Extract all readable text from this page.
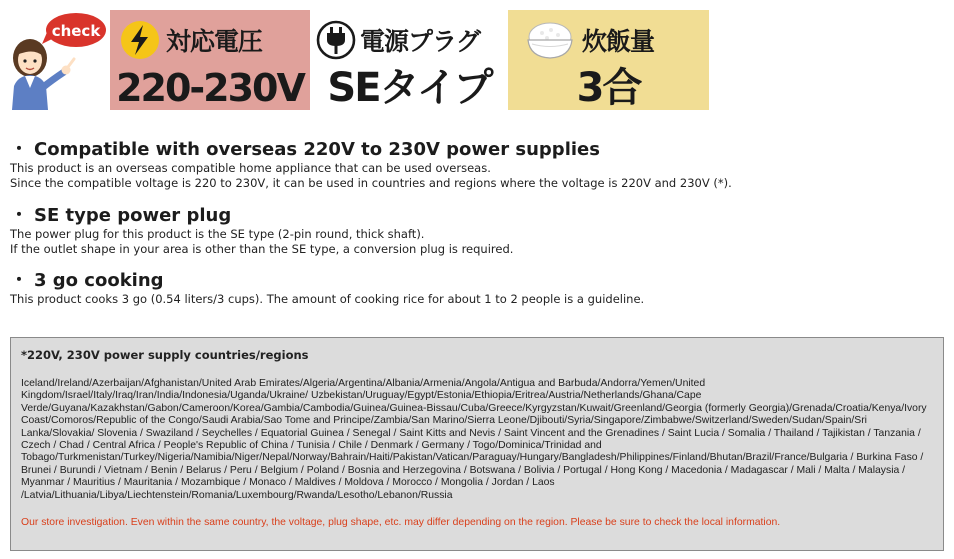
check	対応電圧
220-230V
電源プラグ
SEタイプ
炊飯量
3合
・ Compatible with overseas 220V to 230V power supplies
This product is an overseas compatible home appliance that can be used overseas.
Since the compatible voltage is 220 to 230V, it can be used in countries and regions where the voltage is 220V and 230V (*).
・ SE type power plug
The power plug for this product is the SE type (2-pin round, thick shaft).
If the outlet shape in your area is other than the SE type, a conversion plug is required.
・ 3 go cooking
This product cooks 3 go (0.54 liters/3 cups). The amount of cooking rice for about 1 to 2 people is a guideline.
*220V, 230V power supply countries/regions
Iceland/Ireland/Azerbaijan/Afghanistan/United Arab Emirates/Algeria/Argentina/Albania/Armenia/Angola/Antigua and Barbuda/Andorra/Yemen/United Kingdom/Israel/Italy/Iraq/Iran/India/Indonesia/Uganda/Ukraine/ Uzbekistan/Uruguay/Egypt/Estonia/Ethiopia/Eritrea/Austria/Netherlands/Ghana/Cape Verde/Guyana/Kazakhstan/Gabon/Cameroon/Korea/Gambia/Cambodia/Guinea/Guinea-Bissau/Cuba/Greece/Kyrgyzstan/Kuwait/Greenland/Georgia (formerly Georgia)/Grenada/Croatia/Kenya/Ivory Coast/Comoros/Republic of the Congo/Saudi Arabia/Sao Tome and Principe/Zambia/San Marino/Sierra Leone/Djibouti/Syria/Singapore/Zimbabwe/Switzerland/Sweden/Sudan/Spain/Sri Lanka/Slovakia/ Slovenia / Swaziland / Seychelles / Equatorial Guinea / Senegal / Saint Kitts and Nevis / Saint Vincent and the Grenadines / Saint Lucia / Somalia / Thailand / Tajikistan / Tanzania / Czech / Chad / Central Africa / People's Republic of China / Tunisia / Chile / Denmark / Germany / Togo/Dominica/Trinidad and Tobago/Turkmenistan/Turkey/Nigeria/Namibia/Niger/Nepal/Norway/Bahrain/Haiti/Pakistan/Vatican/Paraguay/Hungary/Bangladesh/Philippines/Finland/Bhutan/Brazil/France/Bulgaria / Burkina Faso / Brunei / Burundi / Vietnam / Benin / Belarus / Peru / Belgium / Poland / Bosnia and Herzegovina / Botswana / Bolivia / Portugal / Hong Kong / Macedonia / Madagascar / Mali / Malta / Malaysia / Myanmar / Mauritius / Mauritania / Mozambique / Monaco / Maldives / Moldova / Morocco / Mongolia / Jordan / Laos /Latvia/Lithuania/Libya/Liechtenstein/Romania/Luxembourg/Rwanda/Lesotho/Lebanon/Russia
Our store investigation. Even within the same country, the voltage, plug shape, etc. may differ depending on the region. Please be sure to check the local information.
